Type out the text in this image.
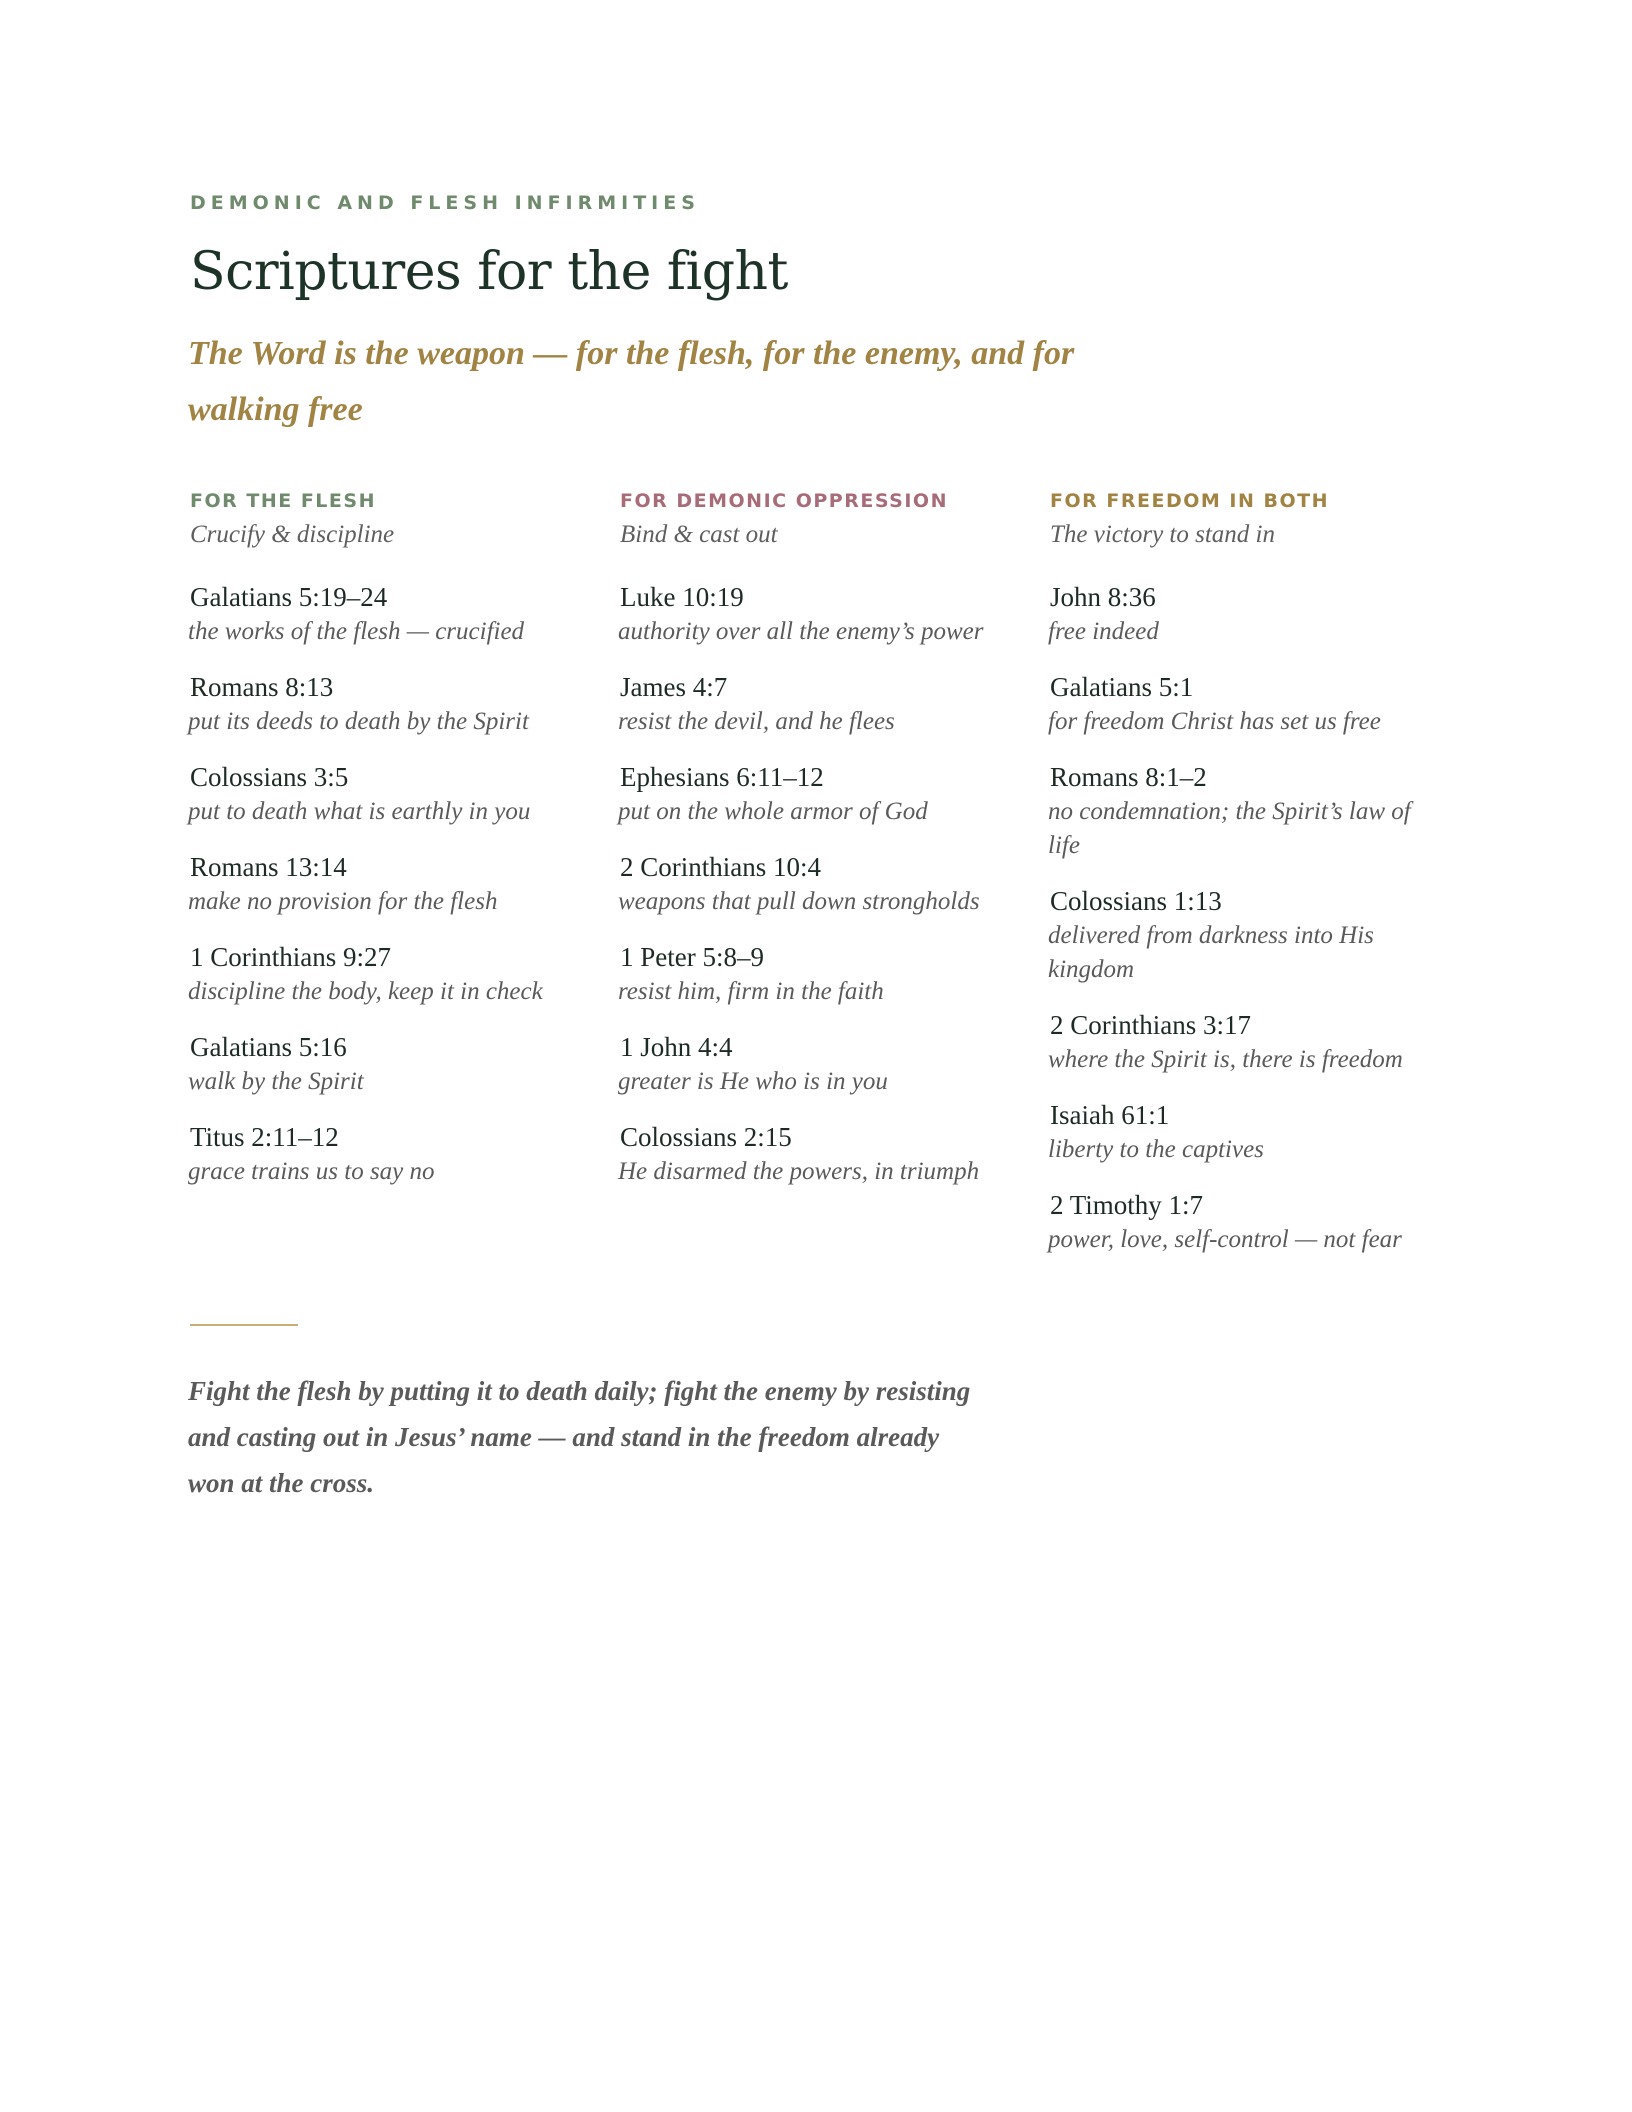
DEMONIC AND FLESH INFIRMITIES

Scriptures for the fight

The Word is the weapon — for the flesh, for the enemy, and for walking free

FOR THE FLESH

Crucify & discipline

Galatians 5:19–24
the works of the flesh — crucified
Romans 8:13
put its deeds to death by the Spirit
Colossians 3:5
put to death what is earthly in you
Romans 13:14
make no provision for the flesh
1 Corinthians 9:27
discipline the body, keep it in check
Galatians 5:16
walk by the Spirit
Titus 2:11–12
grace trains us to say no
FOR DEMONIC OPPRESSION

Bind & cast out

Luke 10:19
authority over all the enemy’s power
James 4:7
resist the devil, and he flees
Ephesians 6:11–12
put on the whole armor of God
2 Corinthians 10:4
weapons that pull down strongholds
1 Peter 5:8–9
resist him, firm in the faith
1 John 4:4
greater is He who is in you
Colossians 2:15
He disarmed the powers, in triumph
FOR FREEDOM IN BOTH

The victory to stand in

John 8:36
free indeed
Galatians 5:1
for freedom Christ has set us free
Romans 8:1–2
no condemnation; the Spirit’s law of life
Colossians 1:13
delivered from darkness into His kingdom
2 Corinthians 3:17
where the Spirit is, there is freedom
Isaiah 61:1
liberty to the captives
2 Timothy 1:7
power, love, self-control — not fear

Fight the flesh by putting it to death daily; fight the enemy by resisting and casting out in Jesus’ name — and stand in the freedom already won at the cross.
